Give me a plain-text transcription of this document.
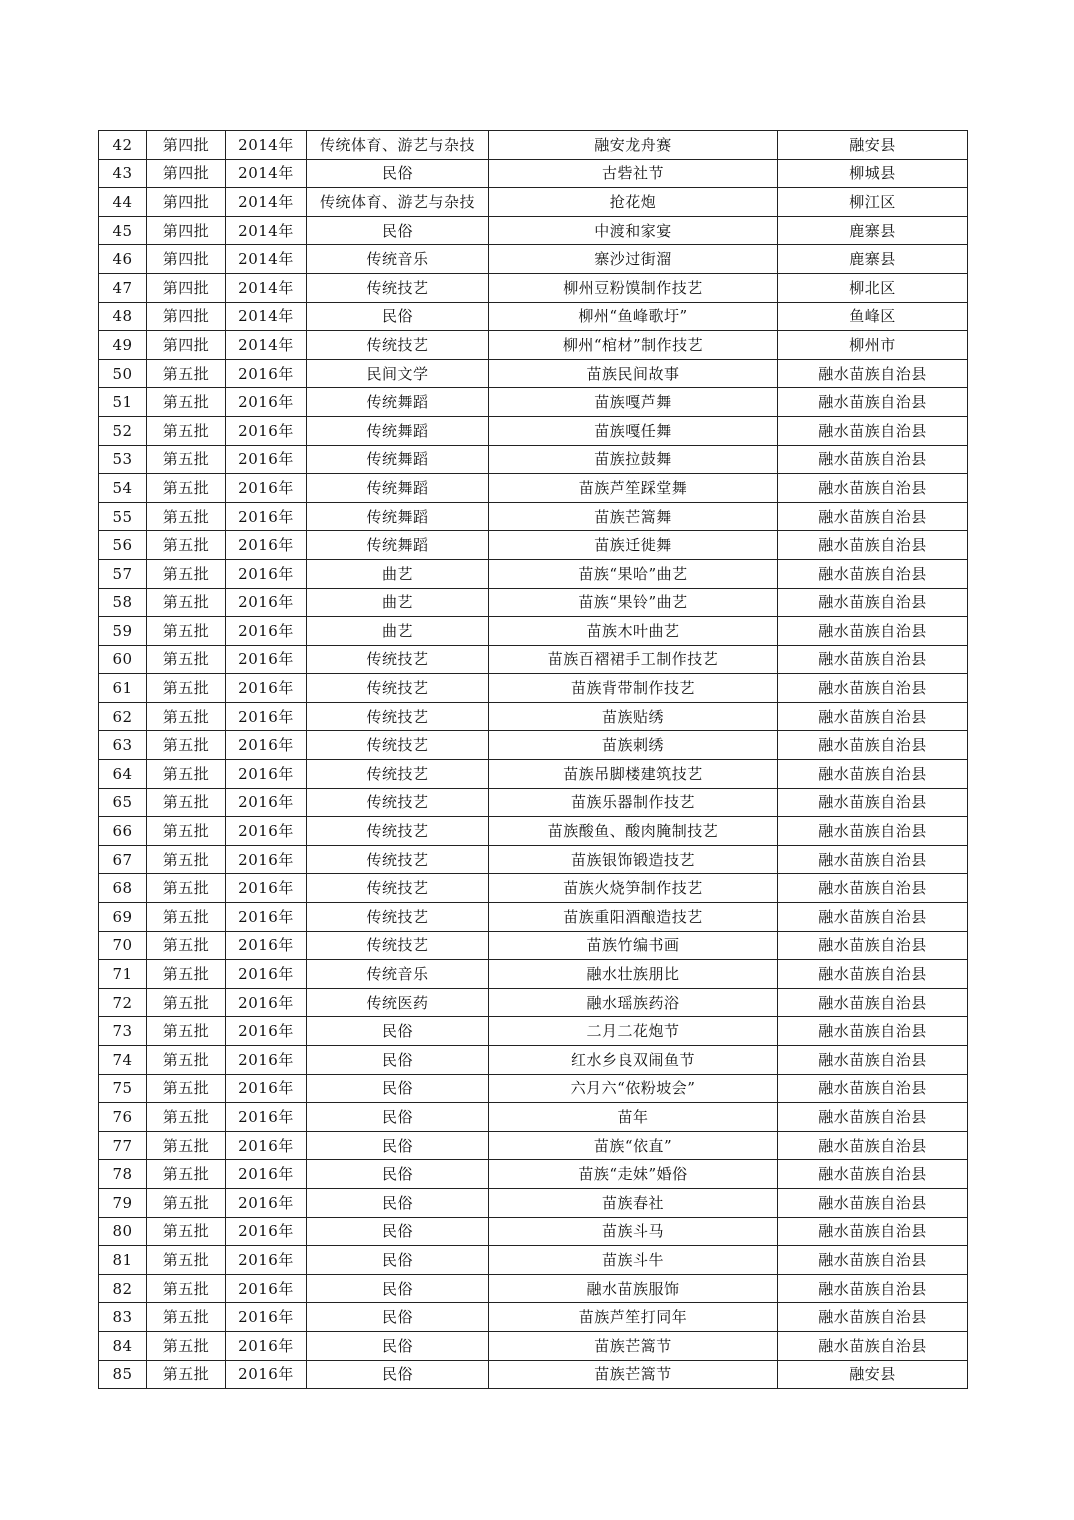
42	第四批	2014年	传统体育、游艺与杂技	融安龙舟赛	融安县
43	第四批	2014年	民俗	古砦社节	柳城县
44	第四批	2014年	传统体育、游艺与杂技	抢花炮	柳江区
45	第四批	2014年	民俗	中渡和家宴	鹿寨县
46	第四批	2014年	传统音乐	寨沙过街溜	鹿寨县
47	第四批	2014年	传统技艺	柳州豆粉馍制作技艺	柳北区
48	第四批	2014年	民俗	柳州“鱼峰歌圩”	鱼峰区
49	第四批	2014年	传统技艺	柳州“棺材”制作技艺	柳州市
50	第五批	2016年	民间文学	苗族民间故事	融水苗族自治县
51	第五批	2016年	传统舞蹈	苗族嘎芦舞	融水苗族自治县
52	第五批	2016年	传统舞蹈	苗族嘎任舞	融水苗族自治县
53	第五批	2016年	传统舞蹈	苗族拉鼓舞	融水苗族自治县
54	第五批	2016年	传统舞蹈	苗族芦笙踩堂舞	融水苗族自治县
55	第五批	2016年	传统舞蹈	苗族芒篙舞	融水苗族自治县
56	第五批	2016年	传统舞蹈	苗族迁徙舞	融水苗族自治县
57	第五批	2016年	曲艺	苗族“果哈”曲艺	融水苗族自治县
58	第五批	2016年	曲艺	苗族“果铃”曲艺	融水苗族自治县
59	第五批	2016年	曲艺	苗族木叶曲艺	融水苗族自治县
60	第五批	2016年	传统技艺	苗族百褶裙手工制作技艺	融水苗族自治县
61	第五批	2016年	传统技艺	苗族背带制作技艺	融水苗族自治县
62	第五批	2016年	传统技艺	苗族贴绣	融水苗族自治县
63	第五批	2016年	传统技艺	苗族刺绣	融水苗族自治县
64	第五批	2016年	传统技艺	苗族吊脚楼建筑技艺	融水苗族自治县
65	第五批	2016年	传统技艺	苗族乐器制作技艺	融水苗族自治县
66	第五批	2016年	传统技艺	苗族酸鱼、酸肉腌制技艺	融水苗族自治县
67	第五批	2016年	传统技艺	苗族银饰锻造技艺	融水苗族自治县
68	第五批	2016年	传统技艺	苗族火烧笋制作技艺	融水苗族自治县
69	第五批	2016年	传统技艺	苗族重阳酒酿造技艺	融水苗族自治县
70	第五批	2016年	传统技艺	苗族竹编书画	融水苗族自治县
71	第五批	2016年	传统音乐	融水壮族朋比	融水苗族自治县
72	第五批	2016年	传统医药	融水瑶族药浴	融水苗族自治县
73	第五批	2016年	民俗	二月二花炮节	融水苗族自治县
74	第五批	2016年	民俗	红水乡良双闹鱼节	融水苗族自治县
75	第五批	2016年	民俗	六月六“依粉坡会”	融水苗族自治县
76	第五批	2016年	民俗	苗年	融水苗族自治县
77	第五批	2016年	民俗	苗族“依直”	融水苗族自治县
78	第五批	2016年	民俗	苗族“走妹”婚俗	融水苗族自治县
79	第五批	2016年	民俗	苗族春社	融水苗族自治县
80	第五批	2016年	民俗	苗族斗马	融水苗族自治县
81	第五批	2016年	民俗	苗族斗牛	融水苗族自治县
82	第五批	2016年	民俗	融水苗族服饰	融水苗族自治县
83	第五批	2016年	民俗	苗族芦笙打同年	融水苗族自治县
84	第五批	2016年	民俗	苗族芒篙节	融水苗族自治县
85	第五批	2016年	民俗	苗族芒篙节	融安县
